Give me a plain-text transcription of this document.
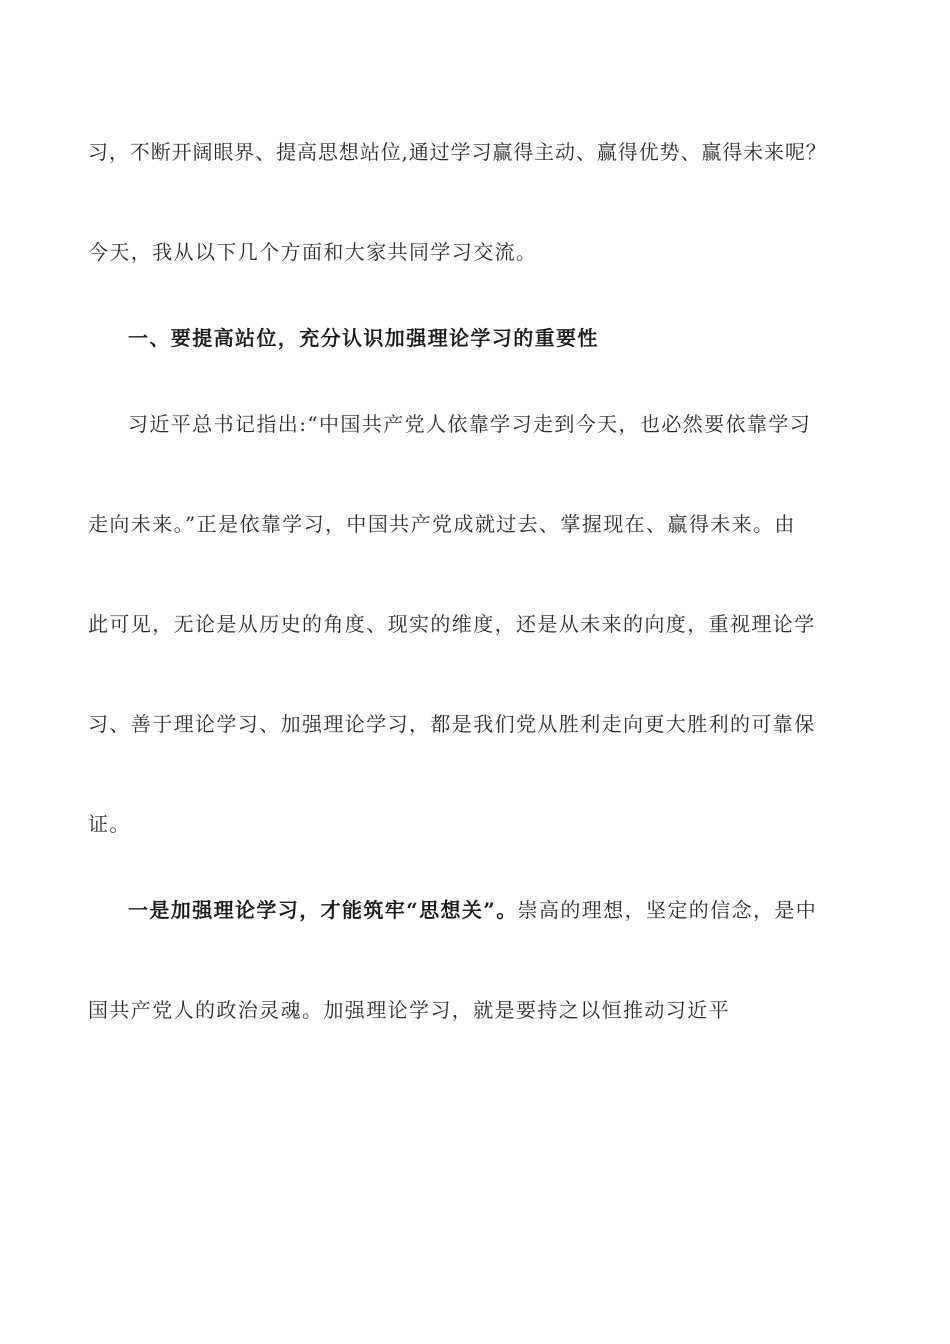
习，不断开阔眼界、提高思想站位,通过学习赢得主动、赢得优势、赢得未来呢？
今天，我从以下几个方面和大家共同学习交流。
一、要提高站位，充分认识加强理论学习的重要性
习近平总书记指出:“中国共产党人依靠学习走到今天，也必然要依靠学习
走向未来。”正是依靠学习，中国共产党成就过去、掌握现在、赢得未来。由
此可见，无论是从历史的角度、现实的维度，还是从未来的向度，重视理论学
习、善于理论学习、加强理论学习，都是我们党从胜利走向更大胜利的可靠保
证。
一是加强理论学习，才能筑牢“思想关”。崇高的理想，坚定的信念，是中
国共产党人的政治灵魂。加强理论学习，就是要持之以恒推动习近平
